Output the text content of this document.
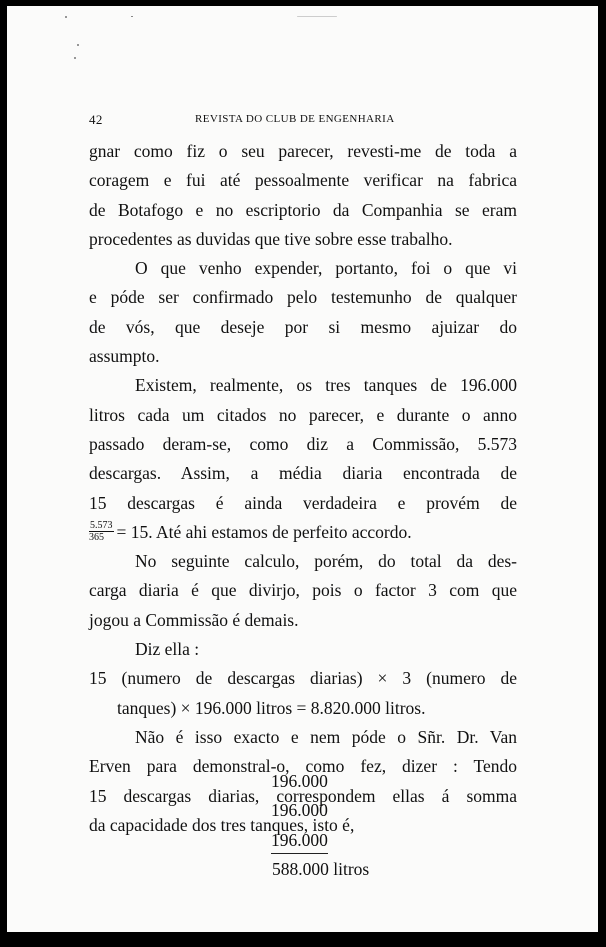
42	REVISTA DO CLUB DE ENGENHARIA
gnar como fiz o seu parecer, revesti-me de toda a
coragem e fui até pessoalmente verificar na fabrica
de Botafogo e no escriptorio da Companhia se eram
procedentes as duvidas que tive sobre esse trabalho.
O que venho expender, portanto, foi o que vi
e póde ser confirmado pelo testemunho de qualquer
de vós, que deseje por si mesmo ajuizar do
assumpto.
Existem, realmente, os tres tanques de 196.000
litros cada um citados no parecer, e durante o anno
passado deram-se, como diz a Commissão, 5.573
descargas. Assim, a média diaria encontrada de
15 descargas é ainda verdadeira e provém de
$\frac{5.573}{365} = 15$. Até ahi estamos de perfeito accordo.
No seguinte calculo, porém, do total da des-
carga diaria é que divirjo, pois o factor 3 com que
jogou a Commissão é demais.
Diz ella :
15 (numero de descargas diarias) × 3 (numero de
tanques) × 196.000 litros = 8.820.000 litros.
Não é isso exacto e nem póde o Sñr. Dr. Van
Erven para demonstral-o, como fez, dizer : Tendo
15 descargas diarias, correspondem ellas á somma
da capacidade dos tres tanques, isto é,
196.000
196.000
196.000
588.000 litros
